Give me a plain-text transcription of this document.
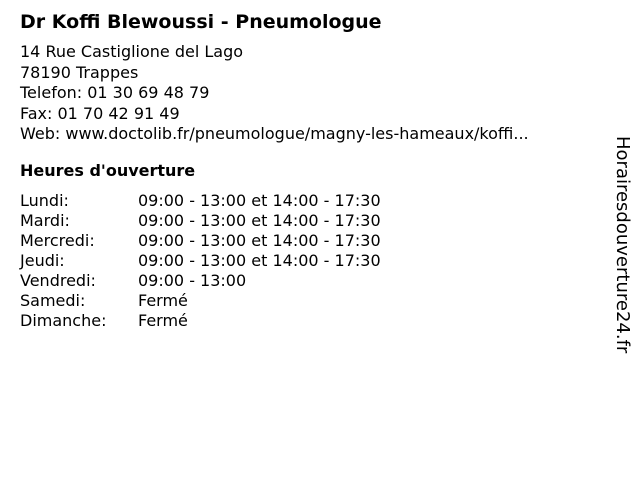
Dr Koffi Blewoussi - Pneumologue
14 Rue Castiglione del Lago
78190 Trappes
Telefon: 01 30 69 48 79
Fax: 01 70 42 91 49
Web: www.doctolib.fr/pneumologue/magny-les-hameaux/koffi...
Heures d'ouverture
Lundi:	09:00 - 13:00 et 14:00 - 17:30
Mardi:	09:00 - 13:00 et 14:00 - 17:30
Mercredi:	09:00 - 13:00 et 14:00 - 17:30
Jeudi:	09:00 - 13:00 et 14:00 - 17:30
Vendredi:	09:00 - 13:00
Samedi:	Fermé
Dimanche:	Fermé	Horairesdouverture24.fr
